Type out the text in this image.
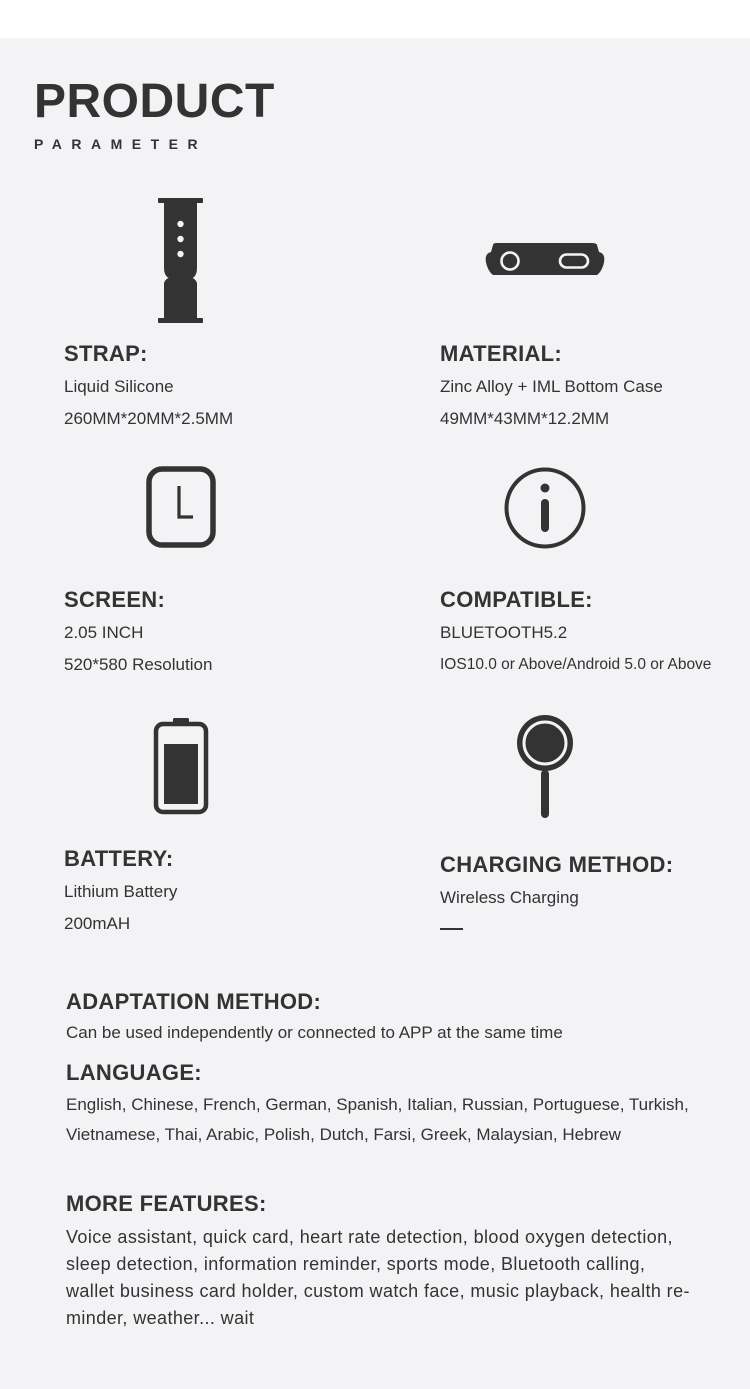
PRODUCT
PARAMETER
STRAP:
Liquid Silicone
260MM*20MM*2.5MM
MATERIAL:
Zinc Alloy + IML Bottom Case
49MM*43MM*12.2MM
SCREEN:
2.05 INCH
520*580 Resolution
COMPATIBLE:
BLUETOOTH5.2
IOS10.0 or Above/Android 5.0 or Above
BATTERY:
Lithium Battery
200mAH
CHARGING METHOD:
Wireless Charging
ADAPTATION METHOD:
Can be used independently or connected to APP at the same time
LANGUAGE:
English, Chinese, French, German, Spanish, Italian, Russian, Portuguese, Turkish,
Vietnamese, Thai, Arabic, Polish, Dutch, Farsi, Greek, Malaysian, Hebrew
MORE FEATURES:
Voice assistant, quick card, heart rate detection, blood oxygen detection,
sleep detection, information reminder, sports mode, Bluetooth calling,
wallet business card holder, custom watch face, music playback, health re-
minder, weather... wait
